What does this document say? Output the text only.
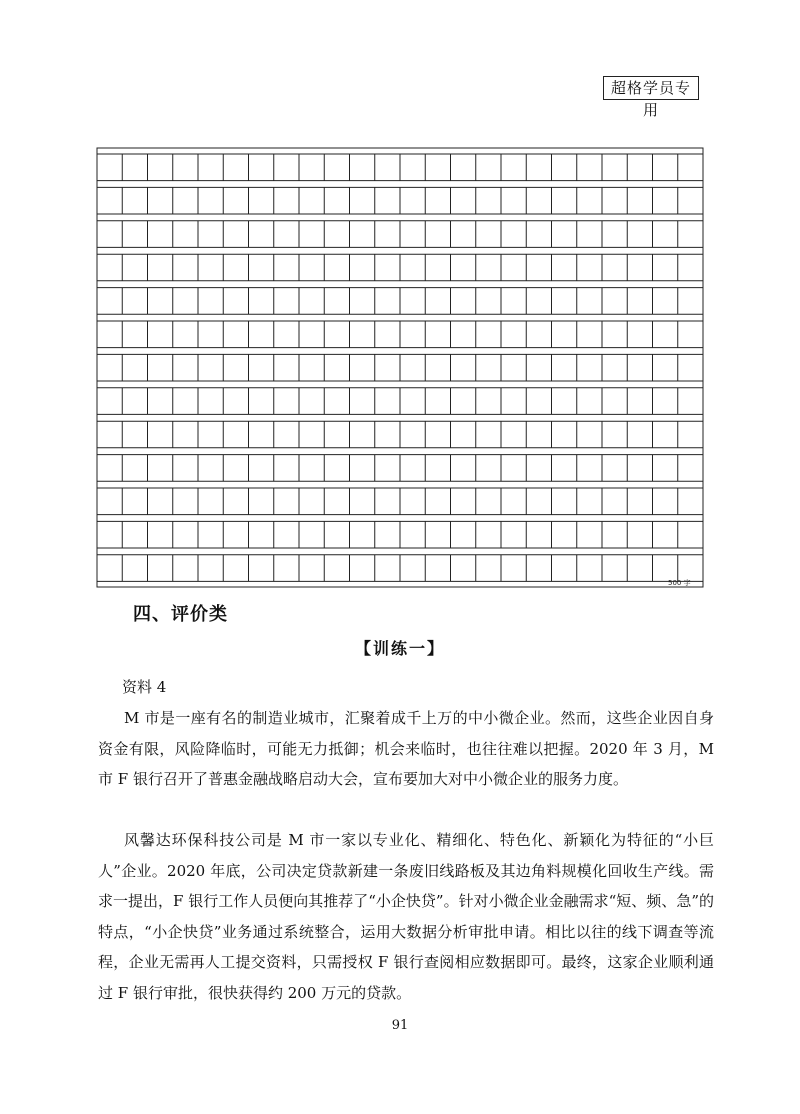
超格学员专用
500 字
四、评价类
【训练一】

资料 4

M 市是一座有名的制造业城市，汇聚着成千上万的中小微企业。然而，这些企业因自身资金有限，风险降临时，可能无力抵御；机会来临时，也往往难以把握。2020 年 3 月，M 市 F 银行召开了普惠金融战略启动大会，宣布要加大对中小微企业的服务力度。

风馨达环保科技公司是 M 市一家以专业化、精细化、特色化、新颖化为特征的“小巨人”企业。2020 年底，公司决定贷款新建一条废旧线路板及其边角料规模化回收生产线。需求一提出，F 银行工作人员便向其推荐了“小企快贷”。针对小微企业金融需求“短、频、急”的特点，“小企快贷”业务通过系统整合，运用大数据分析审批申请。相比以往的线下调查等流程，企业无需再人工提交资料，只需授权 F 银行查阅相应数据即可。最终，这家企业顺利通过 F 银行审批，很快获得约 200 万元的贷款。

91
